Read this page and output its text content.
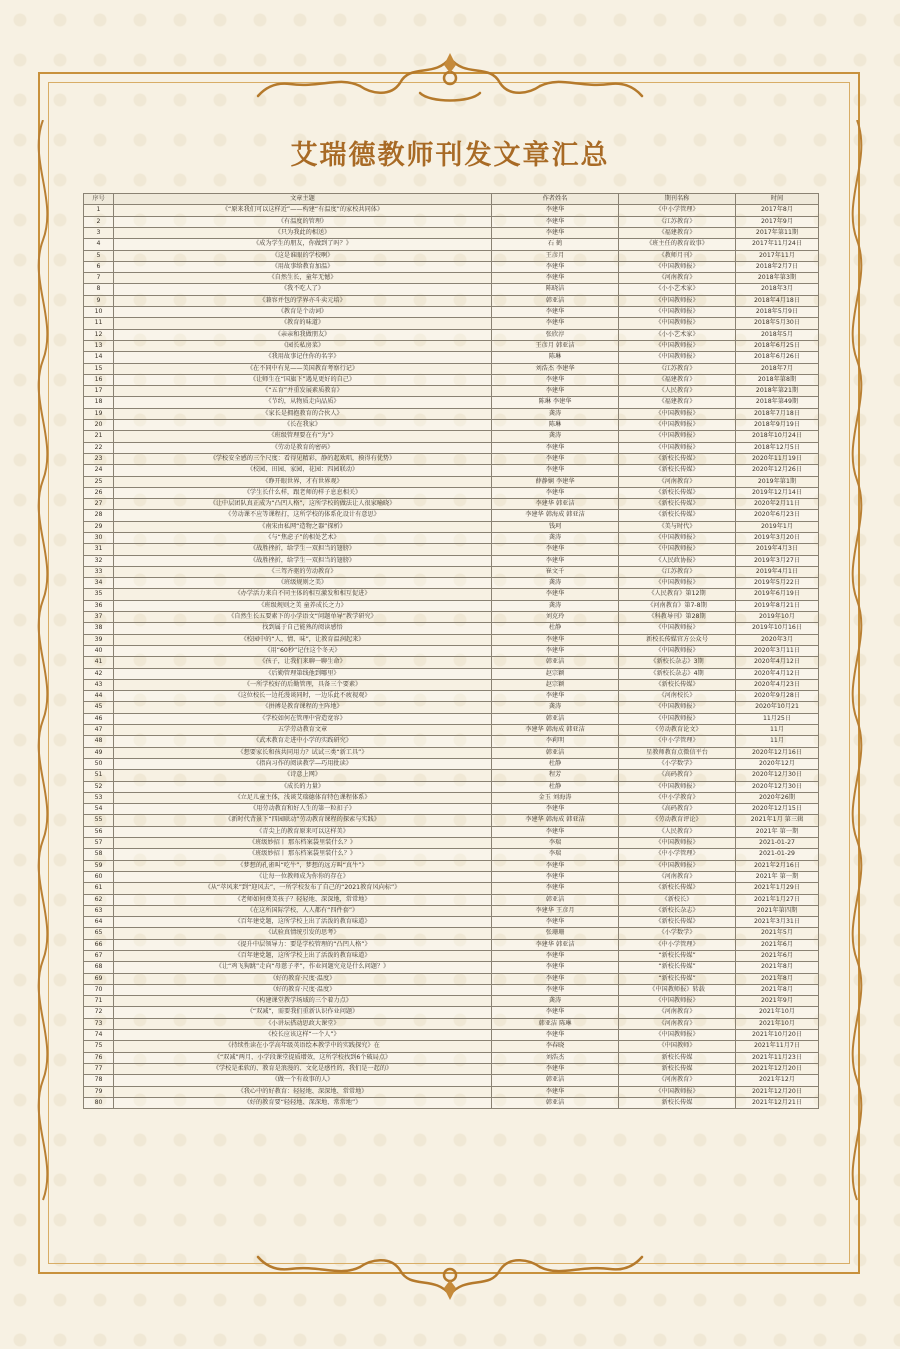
艾瑞德教师刊发文章汇总
序号	文章主题	作者姓名	期刊名称	时间
1	《“原来我们可以这样近”——构建“有温度”的家校共同体》	李建华	《中小学管理》	2017年8月
2	《有温度的管理》	李建华	《江苏教育》	2017年9月
3	《只为我此的相送》	李建华	《福建教育》	2017年第11期
4	《成为学生的朋友，你做到了吗？》	石 鹤	《班主任的教育故事》	2017年11月24日
5	《这是谁眼的学校啊》	王彦月	《教师月刊》	2017年11月
6	《用故事给教育加温》	李建华	《中国教师报》	2018年2月7日
7	《自然生长，童年无憾》	李建华	《河南教育》	2018年第3期
8	《我不吃人了》	陈晓洁	《小小艺术家》	2018年3月
9	《兼容并包的学界亦斗卖元培》	韩亚洁	《中国教师报》	2018年4月18日
10	《教育是个动词》	李建华	《中国教师报》	2018年5月9日
11	《教育的味道》	李建华	《中国教师报》	2018年5月30日
12	《亲亲和我做朋友》	张欣淳	《小小艺术家》	2018年5月
13	《园长私房菜》	王彦月 韩亚洁	《中国教师报》	2018年6月25日
14	《我用故事记住你的名字》	陈琳	《中国教师报》	2018年6月26日
15	《在不同中有见——美国教育考察行记》	刘浩杰 李建华	《江苏教育》	2018年7月
16	《让师生在“国旗下”遇见更好的自己》	李建华	《福建教育》	2018年第8期
17	《“五育”并重发展素质教育》	李建华	《人民教育》	2018年第21期
18	《节约，从物质走向品质》	陈琳 李建华	《福建教育》	2018年第49期
19	《家长是拥抱教育的合伙人》	龚涛	《中国教师报》	2018年7月18日
20	《长在我家》	陈琳	《中国教师报》	2018年9月19日
21	《班级管理要在有“为”》	龚涛	《中国教师报》	2018年10月24日
22	《劳动是教育的密码》	李建华	《中国教师报》	2018年12月5日
23	《学校安全感的三个尺度：看得见精彩，静的起欢唱，摸得有优势》	李建华	《新校长传媒》	2020年11月19日
24	《校园、田园、家园，花园：四园联动》	李建华	《新校长传媒》	2020年12月26日
25	《睁开眼世界，才有世界观》	薛静娴 李建华	《河南教育》	2019年第1期
26	《学生长什么样，跟老师的样子息息相关》	李建华	《新校长传媒》	2019年12月14日
27	《让中层团队真正成为“凸凹人格”，这所学校的做法让人很家喻晓》	李建华 韩亚洁	《新校长传媒》	2020年2月11日
28	《劳动课不应等课程打，这所学校的体系化设计有意思》	李建华 韩海成 韩亚洁	《新校长传媒》	2020年6月23日
29	《南宋由私网“造物之器”探析》	钱珂	《美与时代》	2019年1月
30	《与“焦虑子”的相处艺术》	龚涛	《中国教师报》	2019年3月20日
31	《战胜挫折，给学生一双担当的翅膀》	李建华	《中国教师报》	2019年4月3日
32	《战胜挫折，给学生一双担当的翅膀》	李建华	《人民政协报》	2019年3月27日
33	《三驾齐驱的劳动教育》	崔文千	《江苏教育》	2019年4月1日
34	《班级规则之美》	龚涛	《中国教师报》	2019年5月22日
35	《办学活力来自不同主体的相互激发和相互促进》	李建华	《人民教育》第12期	2019年6月19日
36	《班级规则之美 童养成长之力》	龚涛	《河南教育》第7-8期	2019年8月21日
37	《自然生长五要素下的小学语文“问题单导”教学研究》	刘克玲	《科教导刊》第28期	2019年10月
38	找到属于自己能熟的阅读感悟	杜静	《中国教师报》	2019年10月16日
39	《校园中的“人、情、味”，让教育温润起来》	李建华	新校长传媒官方公众号	2020年3月
40	《用“60秒”记住这个冬天》	李建华	《中国教师报》	2020年3月11日
41	《孩子，让我们来聊一聊生命》	韩亚洁	《新校长杂志》3期	2020年4月12日
42	《后勤管理第线他到哪里》	赵宗颖	《新校长杂志》4期	2020年4月12日
43	《一所学校好的后勤管理，具备三个要素》	赵宗颖	《新校长传媒》	2020年4月23日
44	《这位校长一边托漫谈同时，一边乐此不疲视观》	李建华	《河南校长》	2020年9月28日
45	《拼搏是教育课程的主阵地》	龚涛	《中国教师报》	2020年10月21
46	《学校如何在管理中营造宽容》	韩亚洁	《中国教师报》	11月25日
47	五学劳动教育文章	李建华 韩海成 韩亚洁	《劳动教育论文》	11月
48	《武术教育走进中小学的实践研究》	李莉明	《中小学管理》	11月
49	《想要家长和孩共同用力？试试三类“新工具”》	韩亚洁	星教师教育点微信平台	2020年12月16日
50	《指向习作的阅读教学—巧用批读》	杜静	《小学数学》	2020年12月
51	《诗意上网》	程芳	《高码教育》	2020年12月30日
52	《成长的力量》	杜静	《中国教师报》	2020年12月30日
53	《立足儿童主体，浅谈艾瑞德体育特色课程体系》	金玉 刘海涛	《中小学教育》	2020年26期
54	《用劳动教育和好人生的第一粒扣子》	李建华	《高码教育》	2020年12月15日
55	《新时代背景下“四园联动”劳动教育课程的探索与实践》	李建华 韩海成 韩亚洁	《劳动教育评论》	2021年1月 第三辑
56	《青尖上的教育原来可以这样美》	李建华	《人民教育》	2021年 第一期
57	《班级妙招丨 那东档案袋里装什么？》	李瑞	《中国教师报》	2021-01-27
58	《班级妙招丨 那东档案袋里装什么？》	李瑞	《中小学管理》	2021-01-29
59	《梦想的孔雀叫“吃牛”，梦想的远方叫“真牛”》	李建华	《中国教师报》	2021年2月16日
60	《让每一位教师成为你你的存在》	李建华	《河南教育》	2021年 第一期
61	《从“萃风来”到“迎风去”，一所学校发布了自己的“2021教育风向标”》	李建华	《新校长传媒》	2021年1月29日
62	《老师如何费美孩子？轻轻地、深深地，常常地》	韩亚洁	《新校长》	2021年1月27日
63	《在这所国际学校，人人都有“四件套”》	李建华 王彦月	《新校长杂志》	2021年第四期
64	《百年建党题，这所学校上出了活泼的教育味道》	李建华	《新校长传媒》	2021年3月31日
65	《试验真情统引发的思考》	张珊珊	《小学数学》	2021年5月
66	《提升中层领导力：要是学校管理的“凸凹人格”》	李建华 韩亚洁	《中小学管理》	2021年6月
67	《百年建党题，这所学校上出了活泼的教育味道》	李建华	“新校长传媒”	2021年6月
68	《让“鸡飞狗跳”走向“母慈子孝”，作业问题究竟是什么问题？》	李建华	“新校长传媒”	2021年8月
69	《好的教育·尺度·温度》	李建华	“新校长传媒”	2021年8月
70	《好的教育·尺度·温度》	李建华	《中国教师报》转载	2021年8月
71	《构建课堂教学场域的三个着力点》	龚涛	《中国教师报》	2021年9月
72	《“双减”，需要我们重新认识作业问题》	李建华	《河南教育》	2021年10月
73	《小讲坛搭动思政大课堂》	韩亚洁 陈琳	《河南教育》	2021年10月
74	《校长应该这样“一个人”》	李建华	《中国教师报》	2021年10月20日
75	《持续性读在小学高年级英语绘本教学中的实践探究》在	李春晓	《中国教师》	2021年11月7日
76	《“双减”两月，小学段课堂提质增效，这所学校找到6个破局点》	刘浩杰	新校长传媒	2021年11月23日
77	《学校是柔软的、教育是浪漫的、文化是感性的，我们是一起的》	李建华	新校长传媒	2021年12月20日
78	《做一个有故事的人》	韩亚洁	《河南教育》	2021年12月
79	《我心中的好教育：轻轻地、深深地、常常地》	李建华	《中国教师报》	2021年12月20日
80	《好的教育要“轻轻地、深深地、常常地”》	韩亚洁	新校长传媒	2021年12月21日
